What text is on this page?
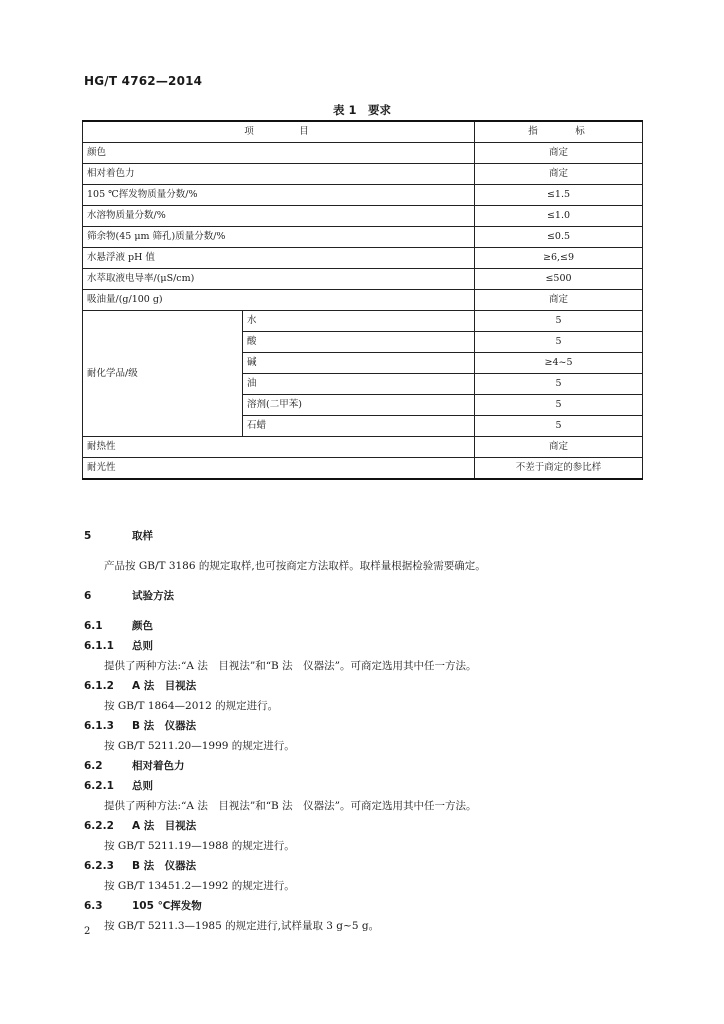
HG/T 4762—2014
表 1　要求
项　目		指　标
颜色		商定
相对着色力		商定
105 ℃挥发物质量分数/%		≤1.5
水溶物质量分数/%		≤1.0
筛余物(45 μm 筛孔)质量分数/%		≤0.5
水悬浮液 pH 值		≥6,≤9
水萃取液电导率/(μS/cm)		≤500
吸油量/(g/100 g)		商定
耐化学品/级	水	5
	酸	5
	碱	≥4~5
	油	5
	溶剂(二甲苯)	5
	石蜡	5
耐热性		商定
耐光性		不差于商定的参比样
5	取样
产品按 GB/T 3186 的规定取样,也可按商定方法取样。取样量根据检验需要确定。
6	试验方法
6.1	颜色
6.1.1 总则
提供了两种方法:“A 法　目视法”和“B 法　仪器法”。可商定选用其中任一方法。
6.1.2 A 法　目视法
按 GB/T 1864—2012 的规定进行。
6.1.3 B 法　仪器法
按 GB/T 5211.20—1999 的规定进行。
6.2	相对着色力
6.2.1 总则
提供了两种方法:“A 法　目视法”和“B 法　仪器法”。可商定选用其中任一方法。
6.2.2 A 法　目视法
按 GB/T 5211.19—1988 的规定进行。
6.2.3 B 法　仪器法
按 GB/T 13451.2—1992 的规定进行。
6.3	105 ℃挥发物
按 GB/T 5211.3—1985 的规定进行,试样量取 3 g~5 g。
2
